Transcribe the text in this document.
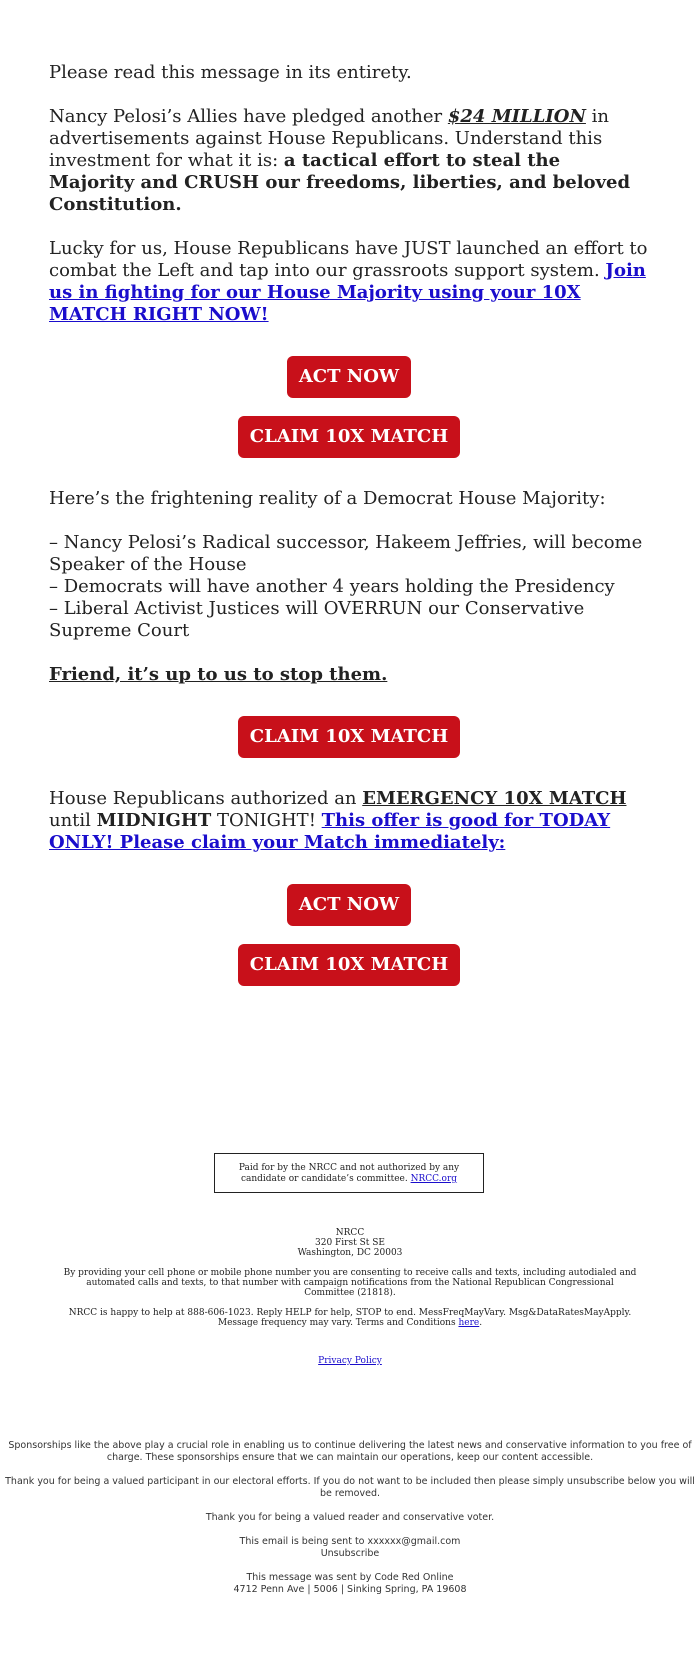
Please read this message in its entirety.

Nancy Pelosi’s Allies have pledged another $24 MILLION in advertisements against House Republicans. Understand this investment for what it is: a tactical effort to steal the Majority and CRUSH our freedoms, liberties, and beloved Constitution.

Lucky for us, House Republicans have JUST launched an effort to combat the Left and tap into our grassroots support system. Join us in fighting for our House Majority using your 10X MATCH RIGHT NOW!

ACT NOW
CLAIM 10X MATCH

Here’s the frightening reality of a Democrat House Majority:

– Nancy Pelosi’s Radical successor, Hakeem Jeffries, will become Speaker of the House

– Democrats will have another 4 years holding the Presidency

– Liberal Activist Justices will OVERRUN our Conservative Supreme Court

Friend, it’s up to us to stop them.

CLAIM 10X MATCH

House Republicans authorized an EMERGENCY 10X MATCH until MIDNIGHT TONIGHT! This offer is good for TODAY ONLY! Please claim your Match immediately:

ACT NOW
CLAIM 10X MATCH
Paid for by the NRCC and not authorized by any candidate or candidate’s committee. NRCC.org

NRCC

320 First St SE

Washington, DC 20003

By providing your cell phone or mobile phone number you are consenting to receive calls and texts, including autodialed and automated calls and texts, to that number with campaign notifications from the National Republican Congressional Committee (21818).

NRCC is happy to help at 888-606-1023. Reply HELP for help, STOP to end. MessFreqMayVary. Msg&DataRatesMayApply. Message frequency may vary. Terms and Conditions here.

Privacy Policy

Sponsorships like the above play a crucial role in enabling us to continue delivering the latest news and conservative information to you free of charge. These sponsorships ensure that we can maintain our operations, keep our content accessible.

Thank you for being a valued participant in our electoral efforts. If you do not want to be included then please simply unsubscribe below you will be removed.

Thank you for being a valued reader and conservative voter.

This email is being sent to xxxxxx@gmail.com

Unsubscribe

This message was sent by Code Red Online

4712 Penn Ave | 5006 | Sinking Spring, PA 19608
